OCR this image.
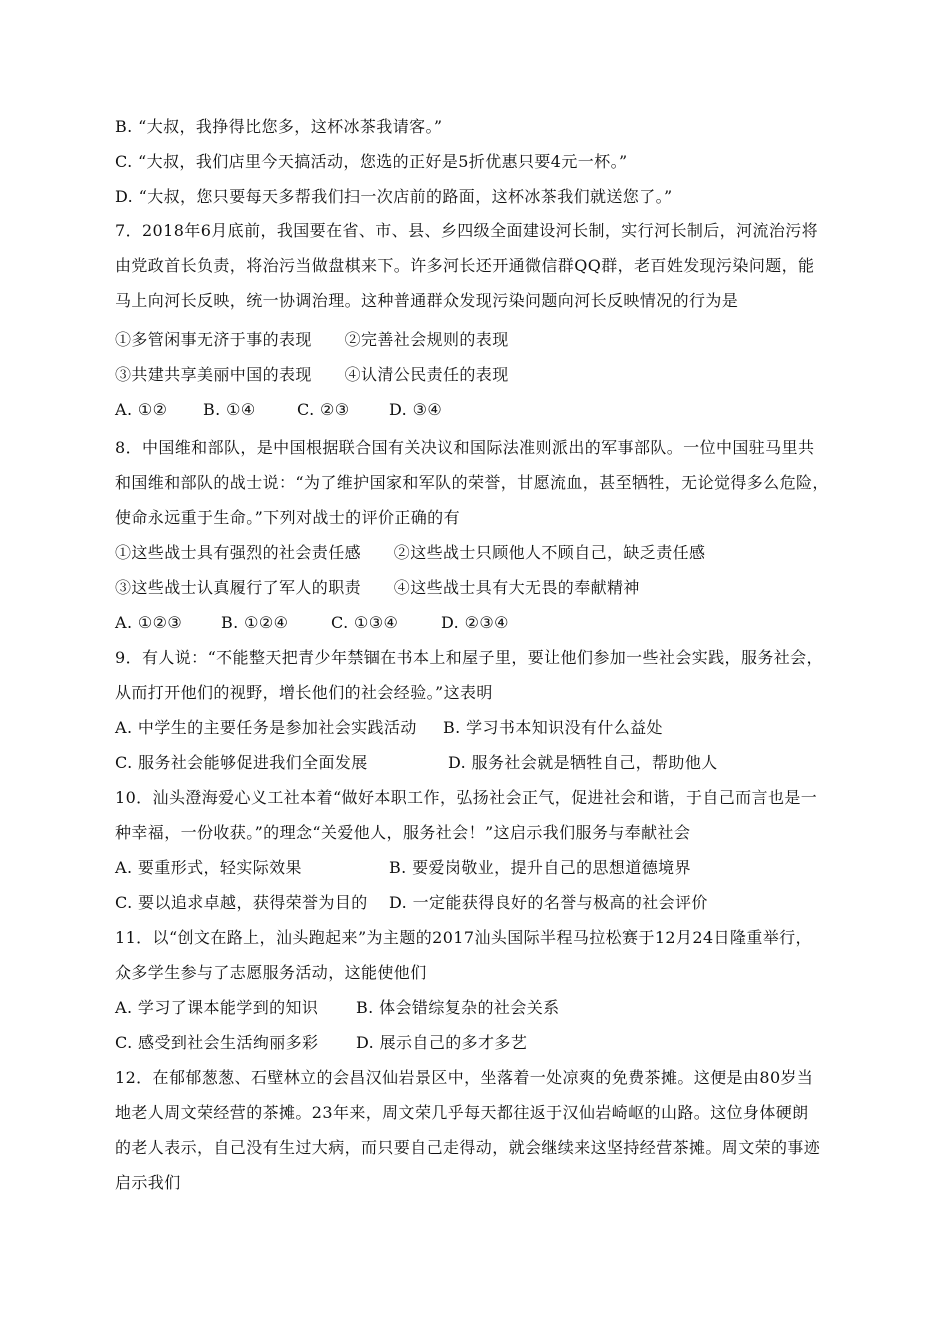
B. “大叔，我挣得比您多，这杯冰茶我请客。”
C. “大叔，我们店里今天搞活动，您选的正好是5折优惠只要4元一杯。”
D. “大叔，您只要每天多帮我们扫一次店前的路面，这杯冰茶我们就送您了。”
7．2018年6月底前，我国要在省、市、县、乡四级全面建设河长制，实行河长制后，河流治污将
由党政首长负责，将治污当做盘棋来下。许多河长还开通微信群QQ群，老百姓发现污染问题，能
马上向河长反映，统一协调治理。这种普通群众发现污染问题向河长反映情况的行为是
①多管闲事无济于事的表现　　②完善社会规则的表现
③共建共享美丽中国的表现　　④认清公民责任的表现
A. ①② B. ①④	C. ②③ D. ③④
8．中国维和部队，是中国根据联合国有关决议和国际法准则派出的军事部队。一位中国驻马里共
和国维和部队的战士说：“为了维护国家和军队的荣誉，甘愿流血，甚至牺牲，无论觉得多么危险，
使命永远重于生命。”下列对战士的评价正确的有
①这些战士具有强烈的社会责任感　　②这些战士只顾他人不顾自己，缺乏责任感
③这些战士认真履行了军人的职责　　④这些战士具有大无畏的奉献精神
A. ①②③ B. ①②④	C. ①③④	D. ②③④
9．有人说：“不能整天把青少年禁锢在书本上和屋子里，要让他们参加一些社会实践，服务社会，
从而打开他们的视野，增长他们的社会经验。”这表明
A. 中学生的主要任务是参加社会实践活动 B. 学习书本知识没有什么益处
C. 服务社会能够促进我们全面发展	D. 服务社会就是牺牲自己，帮助他人
10．汕头澄海爱心义工社本着“做好本职工作，弘扬社会正气，促进社会和谐，于自己而言也是一
种幸福，一份收获。”的理念“关爱他人，服务社会！”这启示我们服务与奉献社会
A. 要重形式，轻实际效果	B. 要爱岗敬业，提升自己的思想道德境界
C. 要以追求卓越，获得荣誉为目的 D. 一定能获得良好的名誉与极高的社会评价
11．以“创文在路上，汕头跑起来”为主题的2017汕头国际半程马拉松赛于12月24日隆重举行，
众多学生参与了志愿服务活动，这能使他们
A. 学习了课本能学到的知识 B. 体会错综复杂的社会关系
C. 感受到社会生活绚丽多彩 D. 展示自己的多才多艺
12．在郁郁葱葱、石壁林立的会昌汉仙岩景区中，坐落着一处凉爽的免费茶摊。这便是由80岁当
地老人周文荣经营的茶摊。23年来，周文荣几乎每天都往返于汉仙岩崎岖的山路。这位身体硬朗
的老人表示，自己没有生过大病，而只要自己走得动，就会继续来这坚持经营茶摊。周文荣的事迹
启示我们
